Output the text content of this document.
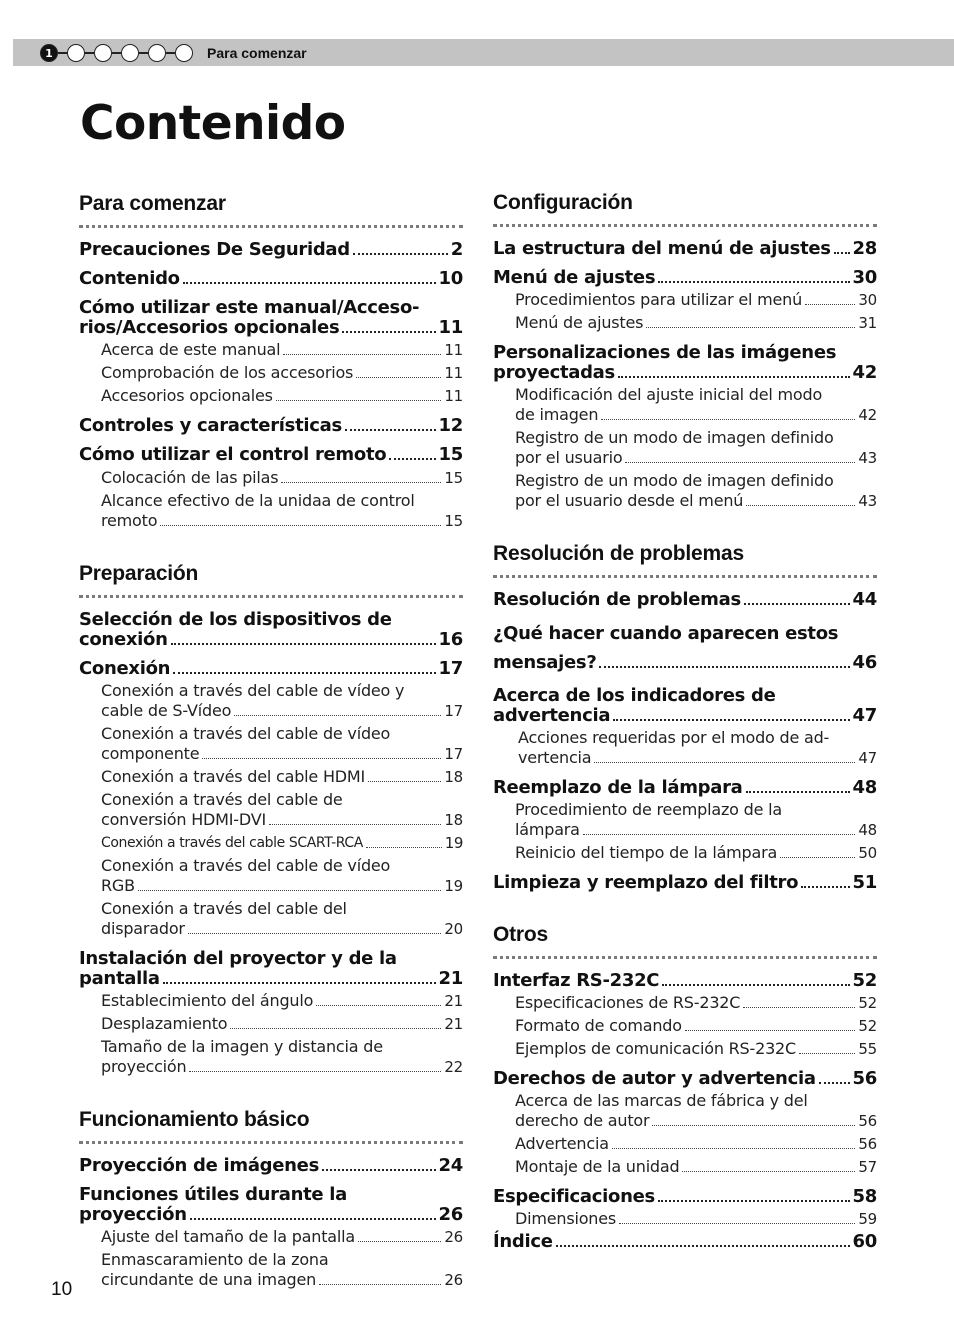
1	Para comenzar
Contenido
Para comenzar
Precauciones De Seguridad	2
Contenido	10
Cómo utilizar este manual/Acceso-
rios/Accesorios opcionales	11
Acerca de este manual	11
Comprobación de los accesorios	11
Accesorios opcionales	11
Controles y características	12
Cómo utilizar el control remoto	15
Colocación de las pilas	15
Alcance efectivo de la unidaa de control
remoto	15
Preparación
Selección de los dispositivos de
conexión	16
Conexión	17
Conexión a través del cable de vídeo y
cable de S-Vídeo	17
Conexión a través del cable de vídeo
componente	17
Conexión a través del cable HDMI	18
Conexión a través del cable de
conversión HDMI-DVI	18
Conexión a través del cable SCART-RCA	19
Conexión a través del cable de vídeo
RGB	19
Conexión a través del cable del
disparador	20
Instalación del proyector y de la
pantalla	21
Establecimiento del ángulo	21
Desplazamiento	21
Tamaño de la imagen y distancia de
proyección	22
Funcionamiento básico
Proyección de imágenes	24
Funciones útiles durante la
proyección	26
Ajuste del tamaño de la pantalla	26
Enmascaramiento de la zona
circundante de una imagen	26
Configuración
La estructura del menú de ajustes 28
Menú de ajustes	30
Procedimientos para utilizar el menú	30
Menú de ajustes	31
Personalizaciones de las imágenes
proyectadas	42
Modificación del ajuste inicial del modo
de imagen	42
Registro de un modo de imagen definido
por el usuario	43
Registro de un modo de imagen definido
por el usuario desde el menú	43
Resolución de problemas
Resolución de problemas	44
¿Qué hacer cuando aparecen estos
mensajes?	46
Acerca de los indicadores de
advertencia	47
Acciones requeridas por el modo de ad-
vertencia	47
Reemplazo de la lámpara	48
Procedimiento de reemplazo de la
lámpara	48
Reinicio del tiempo de la lámpara	50
Limpieza y reemplazo del filtro	51
Otros
Interfaz RS-232C	52
Especificaciones de RS-232C	52
Formato de comando	52
Ejemplos de comunicación RS-232C	55
Derechos de autor y advertencia 56
Acerca de las marcas de fábrica y del
derecho de autor	56
Advertencia	56
Montaje de la unidad	57
Especificaciones	58
Dimensiones	59
Índice	60
10
